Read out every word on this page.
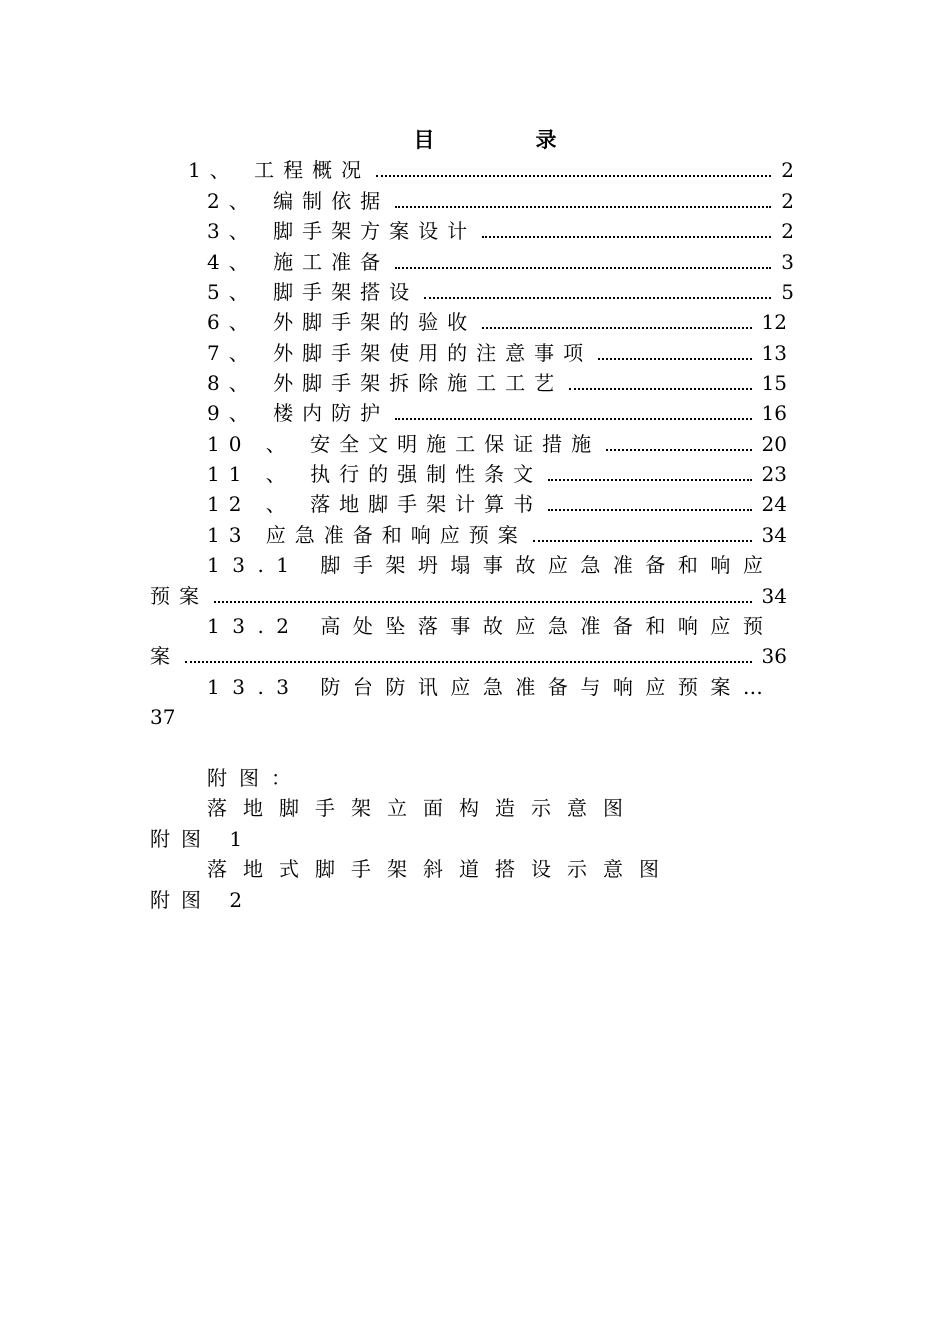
目　录
1、 工程概况	2
2、 编制依据	2
3、 脚手架方案设计	2
4、 施工准备	3
5、 脚手架搭设	5
6、 外脚手架的验收	12
7、 外脚手架使用的注意事项	13
8、 外脚手架拆除施工工艺	15
9、 楼内防护	16
10 、 安全文明施工保证措施	20
11 、 执行的强制性条文	23
12 、 落地脚手架计算书	24
13 应急准备和响应预案	34
13.1 脚手架坍塌事故应急准备和响应
预案	34
13.2 高处坠落事故应急准备和响应预
案	36
13.3 防台防讯应急准备与响应预案…
37
附图：
落地脚手架立面构造示意图
附图 1
落地式脚手架斜道搭设示意图
附图 2
